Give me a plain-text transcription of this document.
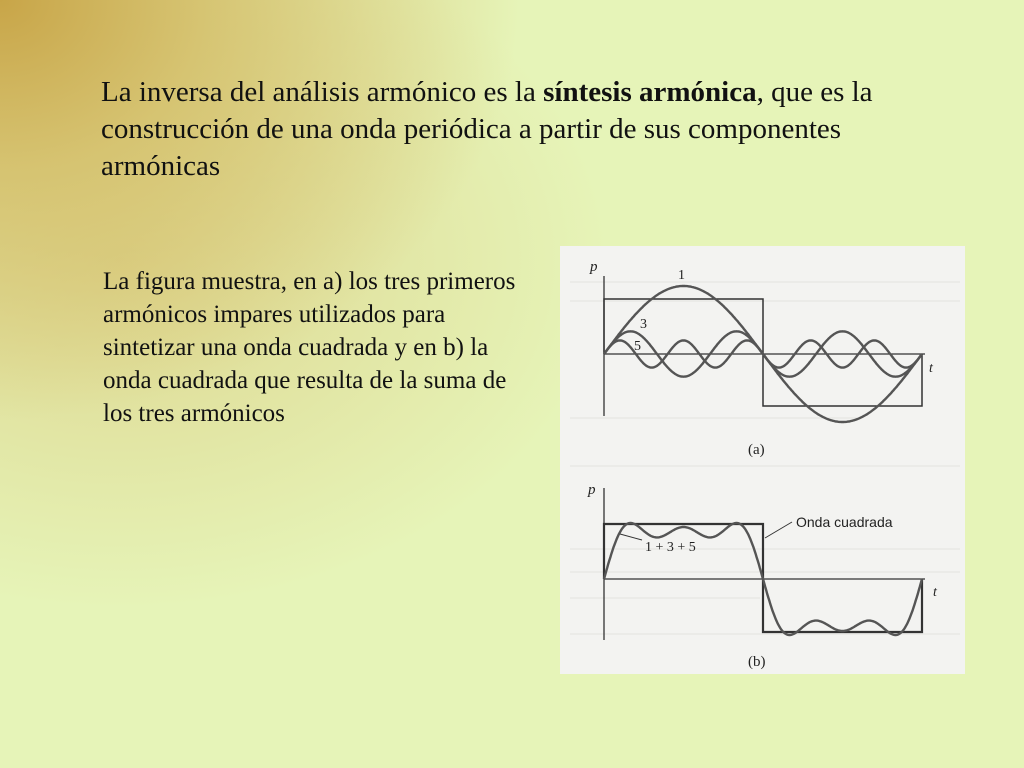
La inversa del análisis armónico es la síntesis armónica, que es la construcción de una onda periódica a partir de sus componentes armónicas
La figura muestra, en a) los tres primeros armónicos impares utilizados para sintetizar una onda cuadrada y en b) la onda cuadrada que resulta de la suma de los tres armónicos
p
t
1
3
5
(a)
p
t
1 + 3 + 5
Onda cuadrada
(b)
